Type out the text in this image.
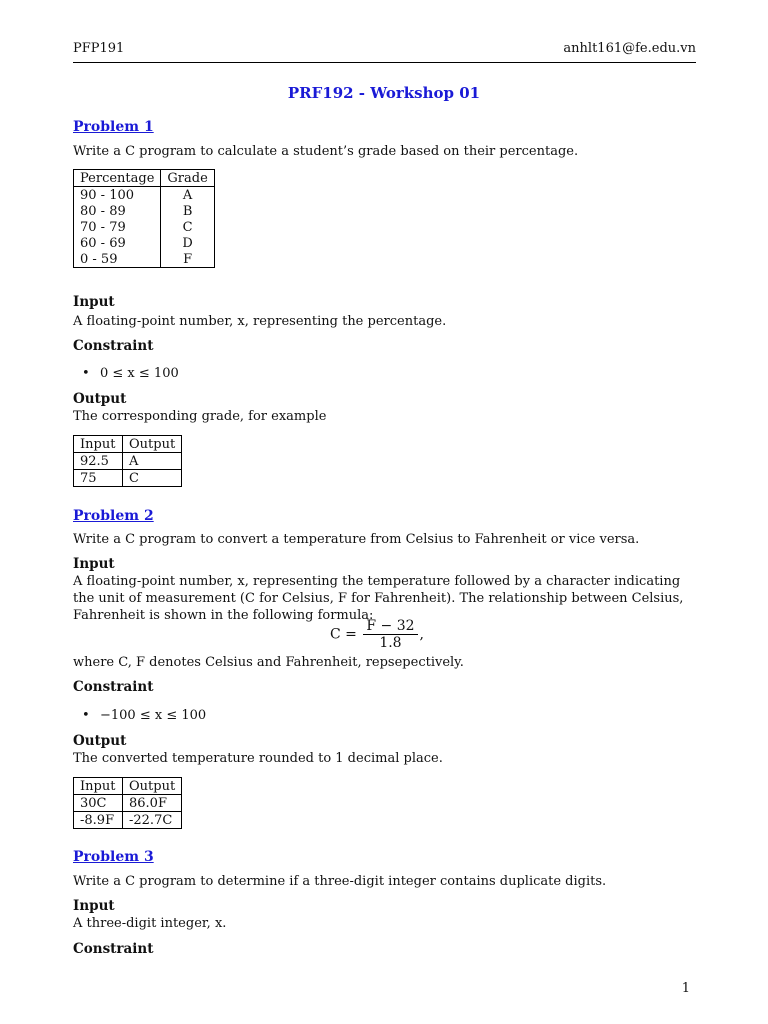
PFP191	anhlt161@fe.edu.vn
PRF192 - Workshop 01
Problem 1
Write a C program to calculate a student’s grade based on their percentage.
Percentage	Grade
90 - 100	A
80 - 89	B
70 - 79	C
60 - 69	D
0 - 59	F
Input
A floating-point number, x, representing the percentage.
Constraint
• 0 ≤ x ≤ 100
Output
The corresponding grade, for example
Input	Output
92.5	A
75	C
Problem 2
Write a C program to convert a temperature from Celsius to Fahrenheit or vice versa.
Input
A floating-point number, x, representing the temperature followed by a character indicating the unit of measurement (C for Celsius, F for Fahrenheit). The relationship between Celsius, Fahrenheit is shown in the following formula:
$C = \frac{F - 32}{1.8}$ ,
where C, F denotes Celsius and Fahrenheit, repsepectively.
Constraint
• −100 ≤ x ≤ 100
Output
The converted temperature rounded to 1 decimal place.
Input	Output
30C	86.0F
-8.9F	-22.7C
Problem 3
Write a C program to determine if a three-digit integer contains duplicate digits.
Input
A three-digit integer, x.
Constraint
1
